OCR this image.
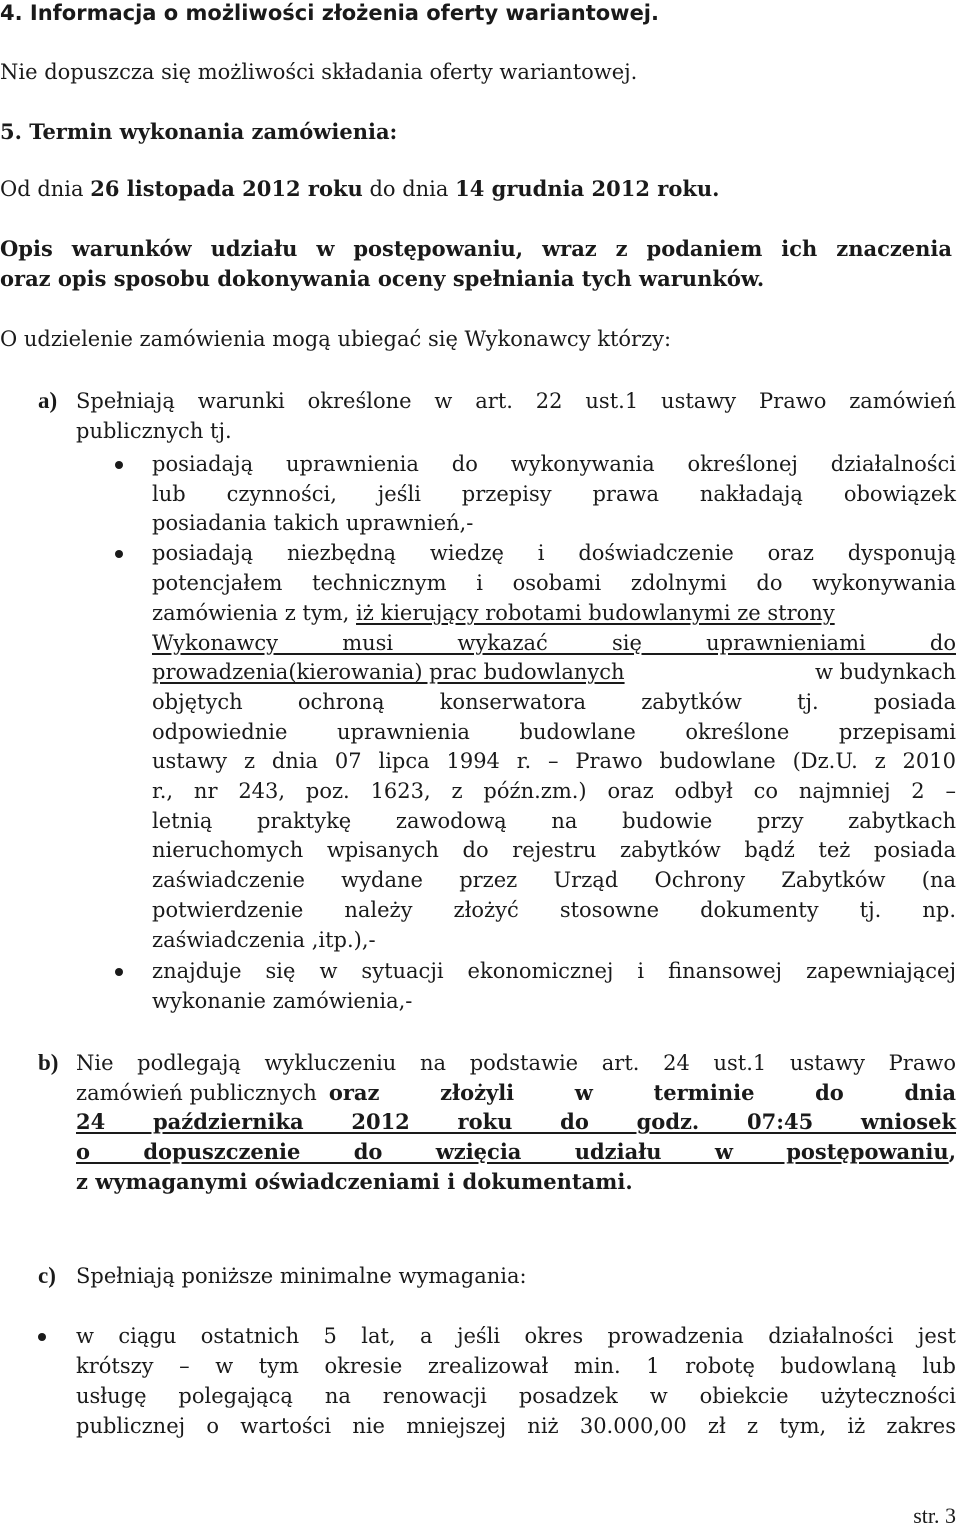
4. Informacja o możliwości złożenia oferty wariantowej.
Nie dopuszcza się możliwości składania oferty wariantowej.
5. Termin wykonania zamówienia:
Od dnia 26 listopada 2012 roku do dnia 14 grudnia 2012 roku.
Opis warunków udziału w postępowaniu, wraz z podaniem ich znaczenia
oraz opis sposobu dokonywania oceny spełniania tych warunków.
O udzielenie zamówienia mogą ubiegać się Wykonawcy którzy:
a) Spełniają warunki określone w art. 22 ust.1 ustawy Prawo zamówień
publicznych tj.
posiadają uprawnienia do wykonywania określonej działalności
lub czynności, jeśli przepisy prawa nakładają obowiązek
posiadania takich uprawnień,-
posiadają niezbędną wiedzę i doświadczenie oraz dysponują
potencjałem technicznym i osobami zdolnymi do wykonywania
zamówienia z tym, iż kierujący robotami budowlanymi ze strony
Wykonawcy musi wykazać się uprawnieniami do
prowadzenia(kierowania) prac budowlanych	w budynkach
objętych ochroną konserwatora zabytków tj. posiada
odpowiednie uprawnienia budowlane określone przepisami
ustawy z dnia 07 lipca 1994 r. – Prawo budowlane (Dz.U. z 2010
r., nr 243, poz. 1623, z późn.zm.) oraz odbył co najmniej 2 –
letnią praktykę zawodową na budowie przy zabytkach
nieruchomych wpisanych do rejestru zabytków bądź też posiada
zaświadczenie wydane przez Urząd Ochrony Zabytków (na
potwierdzenie należy złożyć stosowne dokumenty tj. np.
zaświadczenia ,itp.),-
znajduje się w sytuacji ekonomicznej i finansowej zapewniającej
wykonanie zamówienia,-
b) Nie podlegają wykluczeniu na podstawie art. 24 ust.1 ustawy Prawo
zamówień publicznych oraz złożyli w terminie do dnia
24 października 2012 roku do godz. 07:45 wniosek
o dopuszczenie do wzięcia udziału w postępowaniu ,
z wymaganymi oświadczeniami i dokumentami.
c) Spełniają poniższe minimalne wymagania:
w ciągu ostatnich 5 lat, a jeśli okres prowadzenia działalności jest
krótszy – w tym okresie zrealizował min. 1 robotę budowlaną lub
usługę polegającą na renowacji posadzek w obiekcie użyteczności
publicznej o wartości nie mniejszej niż 30.000,00 zł z tym, iż zakres
str. 3
